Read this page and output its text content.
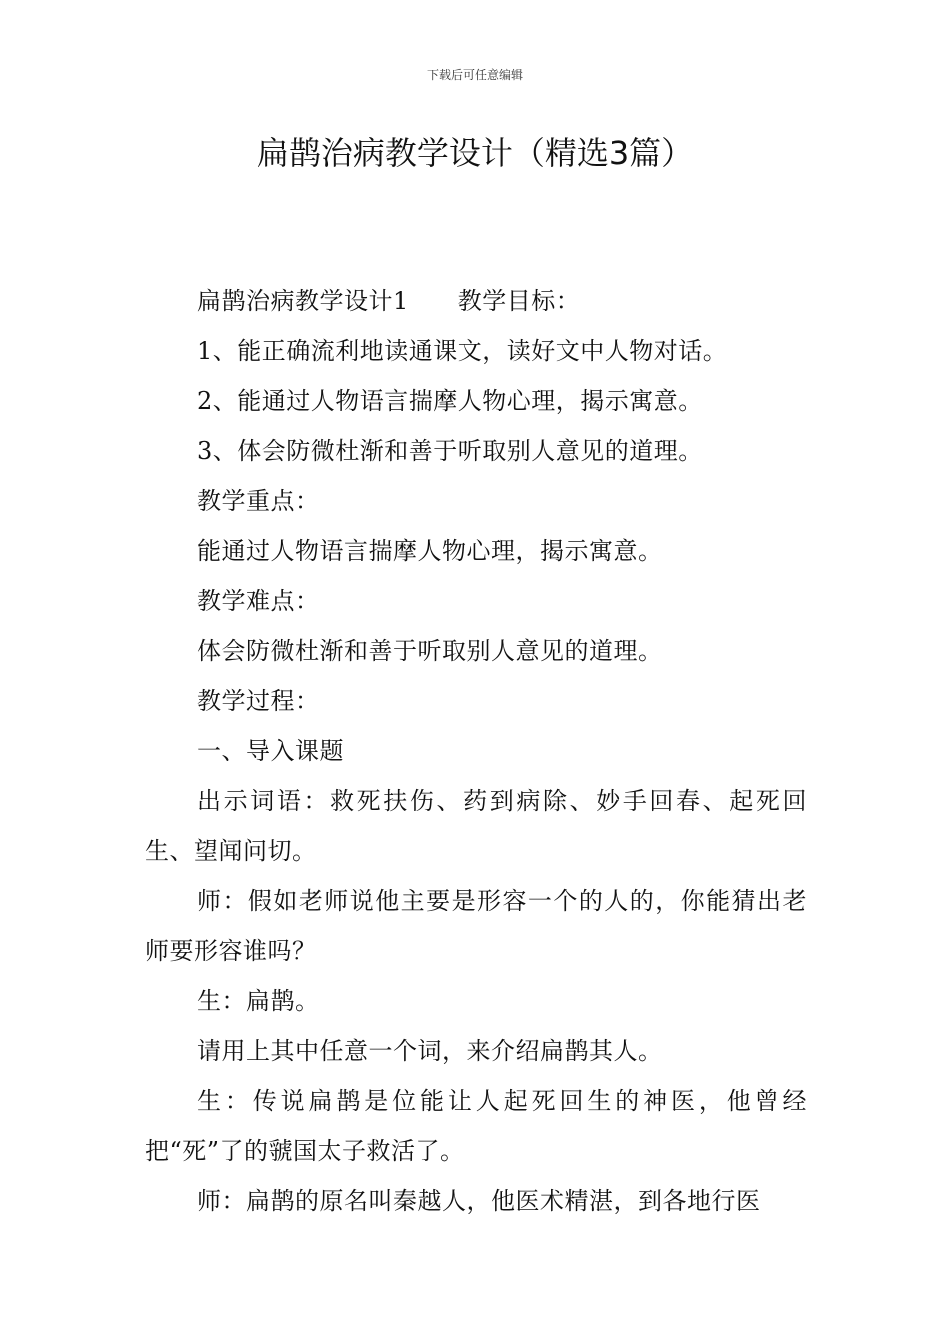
下载后可任意编辑
扁鹊治病教学设计（精选3篇）

扁鹊治病教学设计1　　教学目标：

1、能正确流利地读通课文，读好文中人物对话。

2、能通过人物语言揣摩人物心理，揭示寓意。

3、体会防微杜渐和善于听取别人意见的道理。

教学重点：

能通过人物语言揣摩人物心理，揭示寓意。

教学难点：

体会防微杜渐和善于听取别人意见的道理。

教学过程：

一、导入课题

出示词语：救死扶伤、药到病除、妙手回春、起死回生、望闻问切。

师：假如老师说他主要是形容一个的人的，你能猜出老师要形容谁吗？

生：扁鹊。

请用上其中任意一个词，来介绍扁鹊其人。

生：传说扁鹊是位能让人起死回生的神医，他曾经把“死”了的虢国太子救活了。

师：扁鹊的原名叫秦越人，他医术精湛，到各地行医
